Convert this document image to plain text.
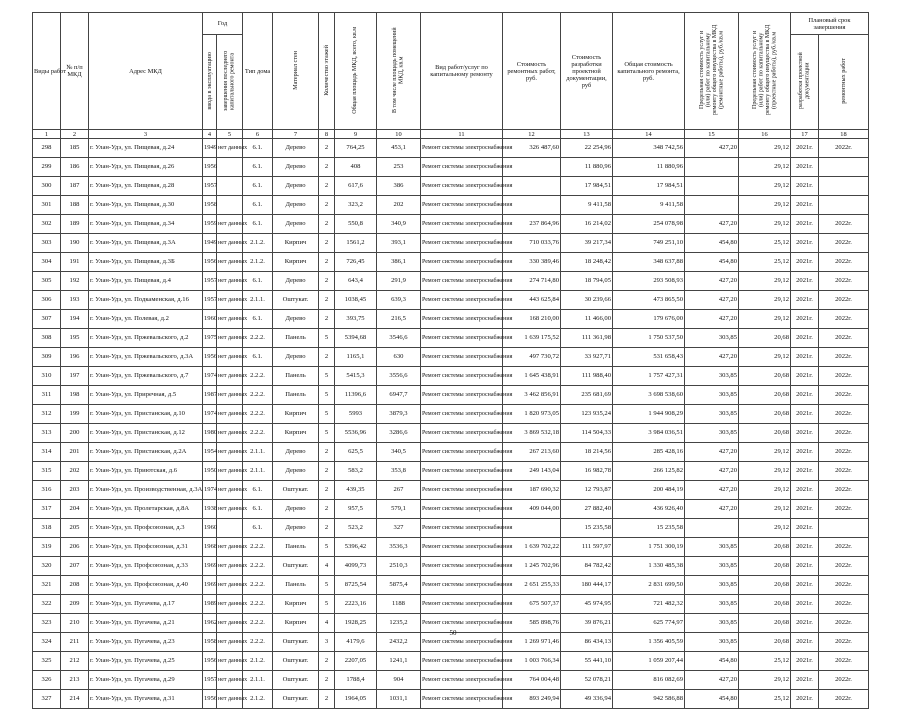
Виды работ	№ п/п МКД	Адрес МКД	Год		Тип дома	Материал стен	Количество этажей	Общая площадь МКД, всего, кв.м	В том числе площадь помещений МКД, кв.м	Вид работ/услуг по капитальному ремонту	Стоимость ремонтных работ, руб.	Стоимость разработки проектной документации, руб	Общая стоимость капитального ремонта, руб.	Предельная стоимость услуг и (или) работ по капитальному ремонту общего имущества в МКД (ремонтные работы), руб./кв.м	Предельная стоимость услуг и (или) работ по капитальному ремонту общего имущества в МКД (проектные работы), руб./кв.м	Плановый срок завершения	
			ввода в эксплуатацию	завершения последнего капитального ремонта												разработки проектной документации	ремонтных работ
1	2	3	4	5	6	7	8	9	10	11	12	13	14	15	16	17	18
298	185	г. Улан-Удэ, ул. Пищевая, д.24	1949	нет данных	6.1.	Дерево	2	764,25	453,1	Ремонт системы электроснабжения	326 487,60	22 254,96	348 742,56	427,20	29,12	2021г.	2022г.
299	186	г. Улан-Удэ, ул. Пищевая, д.26	1956		6.1.	Дерево	2	408	253	Ремонт системы электроснабжения		11 880,96	11 880,96		29,12	2021г.	
300	187	г. Улан-Удэ, ул. Пищевая, д.28	1957		6.1.	Дерево	2	617,6	386	Ремонт системы электроснабжения		17 984,51	17 984,51		29,12	2021г.	
301	188	г. Улан-Удэ, ул. Пищевая, д.30	1958		6.1.	Дерево	2	323,2	202	Ремонт системы электроснабжения		9 411,58	9 411,58		29,12	2021г.	
302	189	г. Улан-Удэ, ул. Пищевая, д.34	1959	нет данных	6.1.	Дерево	2	550,8	340,9	Ремонт системы электроснабжения	237 864,96	16 214,02	254 078,98	427,20	29,12	2021г.	2022г.
303	190	г. Улан-Удэ, ул. Пищевая, д.3А	1949	нет данных	2.1.2.	Кирпич	2	1561,2	393,1	Ремонт системы электроснабжения	710 033,76	39 217,34	749 251,10	454,80	25,12	2021г.	2022г.
304	191	г. Улан-Удэ, ул. Пищевая, д.3Б	1956	нет данных	2.1.2.	Кирпич	2	726,45	386,1	Ремонт системы электроснабжения	330 389,46	18 248,42	348 637,88	454,80	25,12	2021г.	2022г.
305	192	г. Улан-Удэ, ул. Пищевая, д.4	1957	нет данных	6.1.	Дерево	2	643,4	291,9	Ремонт системы электроснабжения	274 714,80	18 794,05	293 508,93	427,20	29,12	2021г.	2022г.
306	193	г. Улан-Удэ, ул. Подкаменская, д.16	1957	нет данных	2.1.1.	Оштукат.	2	1038,45	639,3	Ремонт системы электроснабжения	443 625,84	30 239,66	473 865,50	427,20	29,12	2021г.	2022г.
307	194	г. Улан-Удэ, ул. Полевая, д.2	1960	нет данных	6.1.	Дерево	2	393,75	216,5	Ремонт системы электроснабжения	168 210,00	11 466,00	179 676,00	427,20	29,12	2021г.	2022г.
308	195	г. Улан-Удэ, ул. Пржевальского, д.2	1975	нет данных	2.2.2.	Панель	5	5394,68	3546,6	Ремонт системы электроснабжения	1 639 175,52	111 361,98	1 750 537,50	303,85	20,68	2021г.	2022г.
309	196	г. Улан-Удэ, ул. Пржевальского, д.3А	1956	нет данных	6.1.	Дерево	2	1165,1	630	Ремонт системы электроснабжения	497 730,72	33 927,71	531 658,43	427,20	29,12	2021г.	2022г.
310	197	г. Улан-Удэ, ул. Пржевальского, д.7	1974	нет данных	2.2.2.	Панель	5	5415,3	3556,6	Ремонт системы электроснабжения	1 645 438,91	111 988,40	1 757 427,31	303,85	20,68	2021г.	2022г.
311	198	г. Улан-Удэ, ул. Приречная, д.5	1987	нет данных	2.2.2.	Панель	5	11396,6	6947,7	Ремонт системы электроснабжения	3 462 856,91	235 681,69	3 698 538,60	303,85	20,68	2021г.	2022г.
312	199	г. Улан-Удэ, ул. Пристанская, д.10	1974	нет данных	2.2.2.	Кирпич	5	5993	3879,3	Ремонт системы электроснабжения	1 820 973,05	123 935,24	1 944 908,29	303,85	20,68	2021г.	2022г.
313	200	г. Улан-Удэ, ул. Пристанская, д.12	1980	нет данных	2.2.2.	Кирпич	5	5536,96	3286,6	Ремонт системы электроснабжения	3 869 532,18	114 504,33	3 984 036,51	303,85	20,68	2021г.	2022г.
314	201	г. Улан-Удэ, ул. Пристанская, д.2А	1954	нет данных	2.1.1.	Дерево	2	625,5	340,5	Ремонт системы электроснабжения	267 213,60	18 214,56	285 428,16	427,20	29,12	2021г.	2022г.
315	202	г. Улан-Удэ, ул. Приютская, д.6	1950	нет данных	2.1.1.	Дерево	2	583,2	353,8	Ремонт системы электроснабжения	249 143,04	16 982,78	266 125,82	427,20	29,12	2021г.	2022г.
316	203	г. Улан-Удэ, ул. Производственная, д.3А	1974	нет данных	6.1.	Оштукат.	2	439,35	267	Ремонт системы электроснабжения	187 690,32	12 793,87	200 484,19	427,20	29,12	2021г.	2022г.
317	204	г. Улан-Удэ, ул. Пролетарская, д.8А	1938	нет данных	6.1.	Дерево	2	957,5	579,1	Ремонт системы электроснабжения	409 044,00	27 882,40	436 926,40	427,20	29,12	2021г.	2022г.
318	205	г. Улан-Удэ, ул. Профсоюзная, д.3	1960		6.1.	Дерево	2	523,2	327	Ремонт системы электроснабжения		15 235,58	15 235,58		29,12	2021г.	
319	206	г. Улан-Удэ, ул. Профсоюзная, д.31	1968	нет данных	2.2.2.	Панель	5	5396,42	3536,3	Ремонт системы электроснабжения	1 639 702,22	111 597,97	1 751 300,19	303,85	20,68	2021г.	2022г.
320	207	г. Улан-Удэ, ул. Профсоюзная, д.33	1969	нет данных	2.2.2.	Оштукат.	4	4099,73	2510,3	Ремонт системы электроснабжения	1 245 702,96	84 782,42	1 330 485,38	303,85	20,68	2021г.	2022г.
321	208	г. Улан-Удэ, ул. Профсоюзная, д.40	1969	нет данных	2.2.2.	Панель	5	8725,54	5875,4	Ремонт системы электроснабжения	2 651 255,33	180 444,17	2 831 699,50	303,85	20,68	2021г.	2022г.
322	209	г. Улан-Удэ, ул. Пугачева, д.17	1989	нет данных	2.2.2.	Кирпич	5	2223,16	1188	Ремонт системы электроснабжения	675 507,37	45 974,95	721 482,32	303,85	20,68	2021г.	2022г.
323	210	г. Улан-Удэ, ул. Пугачева, д.21	1962	нет данных	2.2.2.	Кирпич	4	1928,25	1235,2	Ремонт системы электроснабжения	585 898,76	39 876,21	625 774,97	303,85	20,68	2021г.	2022г.
324	211	г. Улан-Удэ, ул. Пугачева, д.23	1958	нет данных	2.2.2.	Оштукат.	3	4179,6	2432,2	Ремонт системы электроснабжения	1 269 971,46	86 434,13	1 356 405,59	303,85	20,68	2021г.	2022г.
325	212	г. Улан-Удэ, ул. Пугачева, д.25	1956	нет данных	2.1.2.	Оштукат.	2	2207,05	1241,1	Ремонт системы электроснабжения	1 003 766,34	55 441,10	1 059 207,44	454,80	25,12	2021г.	2022г.
326	213	г. Улан-Удэ, ул. Пугачева, д.29	1957	нет данных	2.1.1.	Оштукат.	2	1788,4	904	Ремонт системы электроснабжения	764 004,48	52 078,21	816 082,69	427,20	29,12	2021г.	2022г.
327	214	г. Улан-Удэ, ул. Пугачева, д.31	1956	нет данных	2.1.2.	Оштукат.	2	1964,05	1031,1	Ремонт системы электроснабжения	893 249,94	49 336,94	942 586,88	454,80	25,12	2021г.	2022г.
50
